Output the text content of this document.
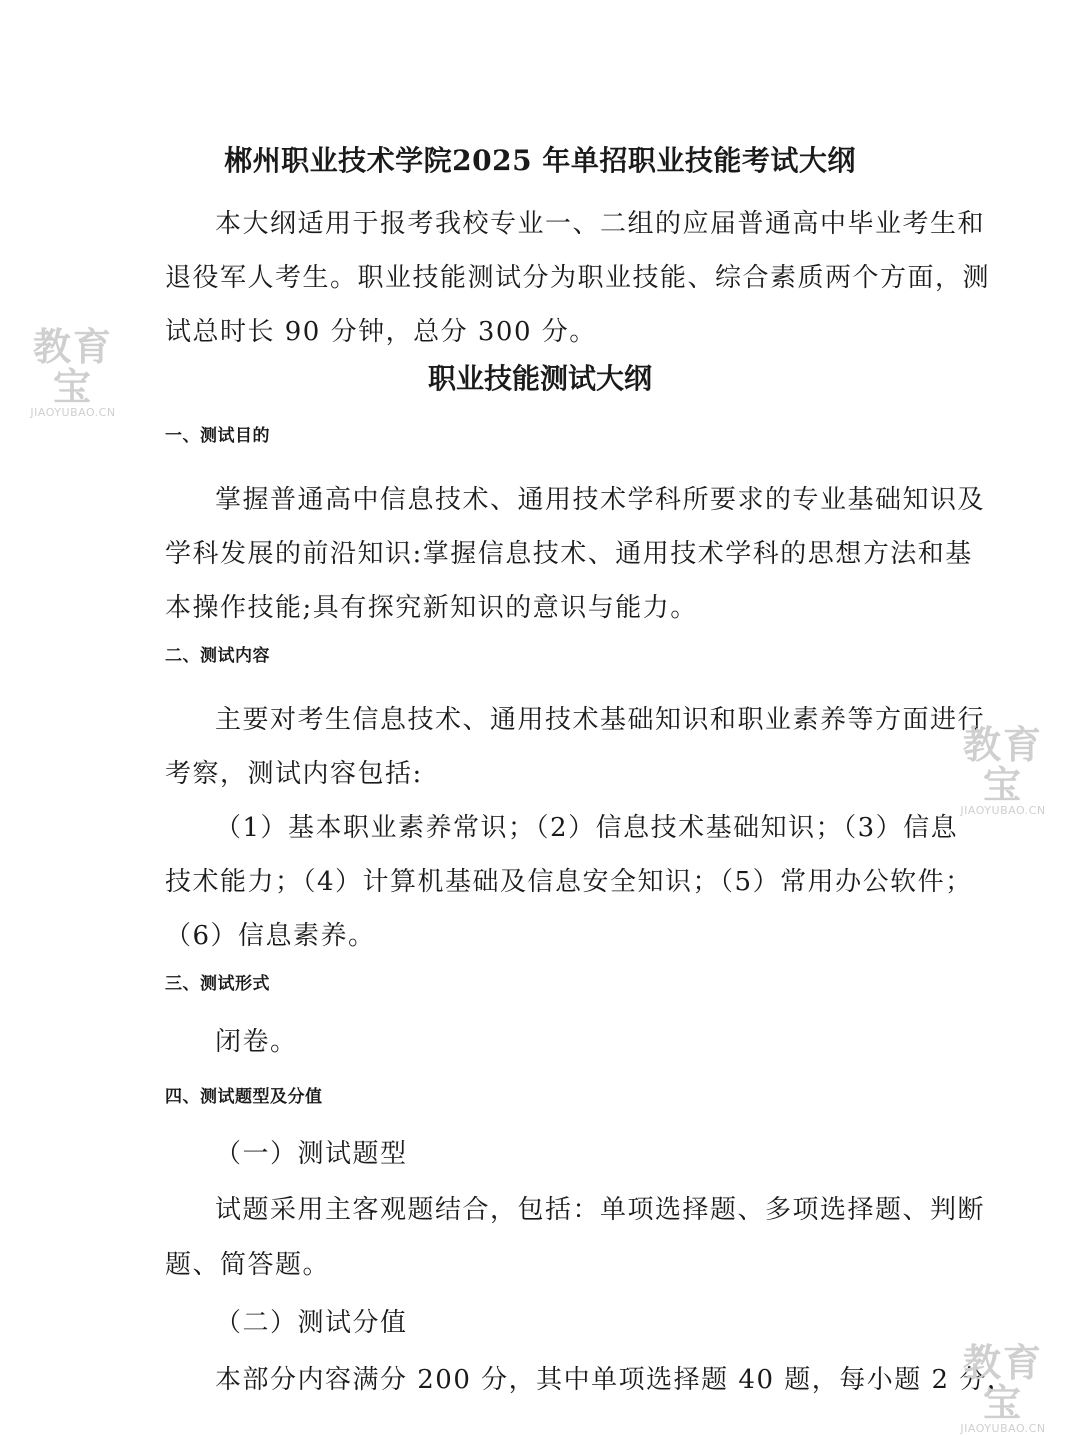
郴州职业技术学院2025 年单招职业技能考试大纲
本大纲适用于报考我校专业一、二组的应届普通高中毕业考生和
退役军人考生。职业技能测试分为职业技能、综合素质两个方面，测
试总时长 90 分钟，总分 300 分。
职业技能测试大纲
一、测试目的
掌握普通高中信息技术、通用技术学科所要求的专业基础知识及
学科发展的前沿知识:掌握信息技术、通用技术学科的思想方法和基
本操作技能;具有探究新知识的意识与能力。
二、测试内容
主要对考生信息技术、通用技术基础知识和职业素养等方面进行
考察，测试内容包括:
（1）基本职业素养常识；（2）信息技术基础知识；（3）信息
技术能力；（4）计算机基础及信息安全知识；（5）常用办公软件；
（6）信息素养。
三、测试形式
闭卷。
四、测试题型及分值
（一）测试题型
试题采用主客观题结合，包括：单项选择题、多项选择题、判断
题、简答题。
（二）测试分值
本部分内容满分 200 分，其中单项选择题 40 题，每小题 2 分，
教育宝
JIAOYUBAO.CN
教育宝
JIAOYUBAO.CN
教育宝
JIAOYUBAO.CN
